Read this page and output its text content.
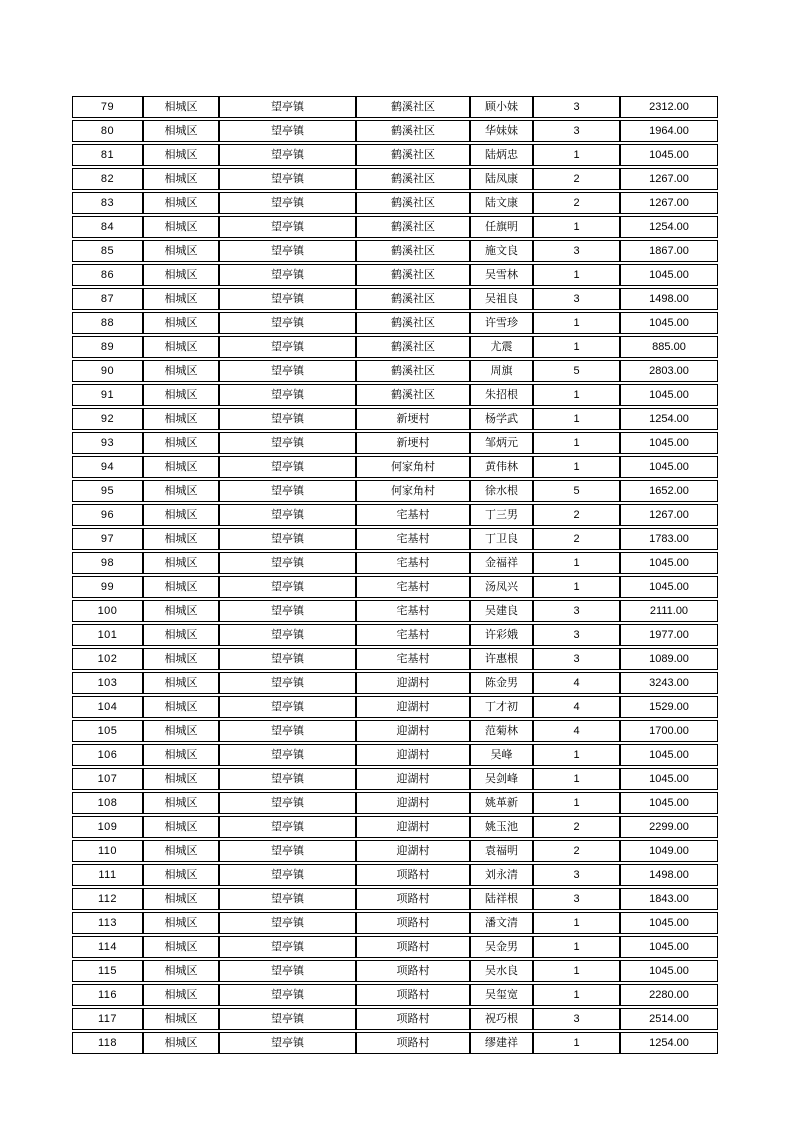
79	相城区	望亭镇	鹤溪社区	顾小妹	3	2312.00
80	相城区	望亭镇	鹤溪社区	华妹妹	3	1964.00
81	相城区	望亭镇	鹤溪社区	陆炳忠	1	1045.00
82	相城区	望亭镇	鹤溪社区	陆凤康	2	1267.00
83	相城区	望亭镇	鹤溪社区	陆文康	2	1267.00
84	相城区	望亭镇	鹤溪社区	任旗明	1	1254.00
85	相城区	望亭镇	鹤溪社区	施文良	3	1867.00
86	相城区	望亭镇	鹤溪社区	吴雪林	1	1045.00
87	相城区	望亭镇	鹤溪社区	吴祖良	3	1498.00
88	相城区	望亭镇	鹤溪社区	许雪珍	1	1045.00
89	相城区	望亭镇	鹤溪社区	尤震	1	885.00
90	相城区	望亭镇	鹤溪社区	周旗	5	2803.00
91	相城区	望亭镇	鹤溪社区	朱招根	1	1045.00
92	相城区	望亭镇	新埂村	杨学武	1	1254.00
93	相城区	望亭镇	新埂村	邹炳元	1	1045.00
94	相城区	望亭镇	何家角村	黄伟林	1	1045.00
95	相城区	望亭镇	何家角村	徐水根	5	1652.00
96	相城区	望亭镇	宅基村	丁三男	2	1267.00
97	相城区	望亭镇	宅基村	丁卫良	2	1783.00
98	相城区	望亭镇	宅基村	金福祥	1	1045.00
99	相城区	望亭镇	宅基村	汤凤兴	1	1045.00
100	相城区	望亭镇	宅基村	吴建良	3	2111.00
101	相城区	望亭镇	宅基村	许彩娥	3	1977.00
102	相城区	望亭镇	宅基村	许惠根	3	1089.00
103	相城区	望亭镇	迎湖村	陈金男	4	3243.00
104	相城区	望亭镇	迎湖村	丁才初	4	1529.00
105	相城区	望亭镇	迎湖村	范菊林	4	1700.00
106	相城区	望亭镇	迎湖村	吴峰	1	1045.00
107	相城区	望亭镇	迎湖村	吴剑峰	1	1045.00
108	相城区	望亭镇	迎湖村	姚革新	1	1045.00
109	相城区	望亭镇	迎湖村	姚玉池	2	2299.00
110	相城区	望亭镇	迎湖村	袁福明	2	1049.00
111	相城区	望亭镇	项路村	刘永清	3	1498.00
112	相城区	望亭镇	项路村	陆祥根	3	1843.00
113	相城区	望亭镇	项路村	潘文清	1	1045.00
114	相城区	望亭镇	项路村	吴金男	1	1045.00
115	相城区	望亭镇	项路村	吴水良	1	1045.00
116	相城区	望亭镇	项路村	吴玺宽	1	2280.00
117	相城区	望亭镇	项路村	祝巧根	3	2514.00
118	相城区	望亭镇	项路村	缪建祥	1	1254.00
